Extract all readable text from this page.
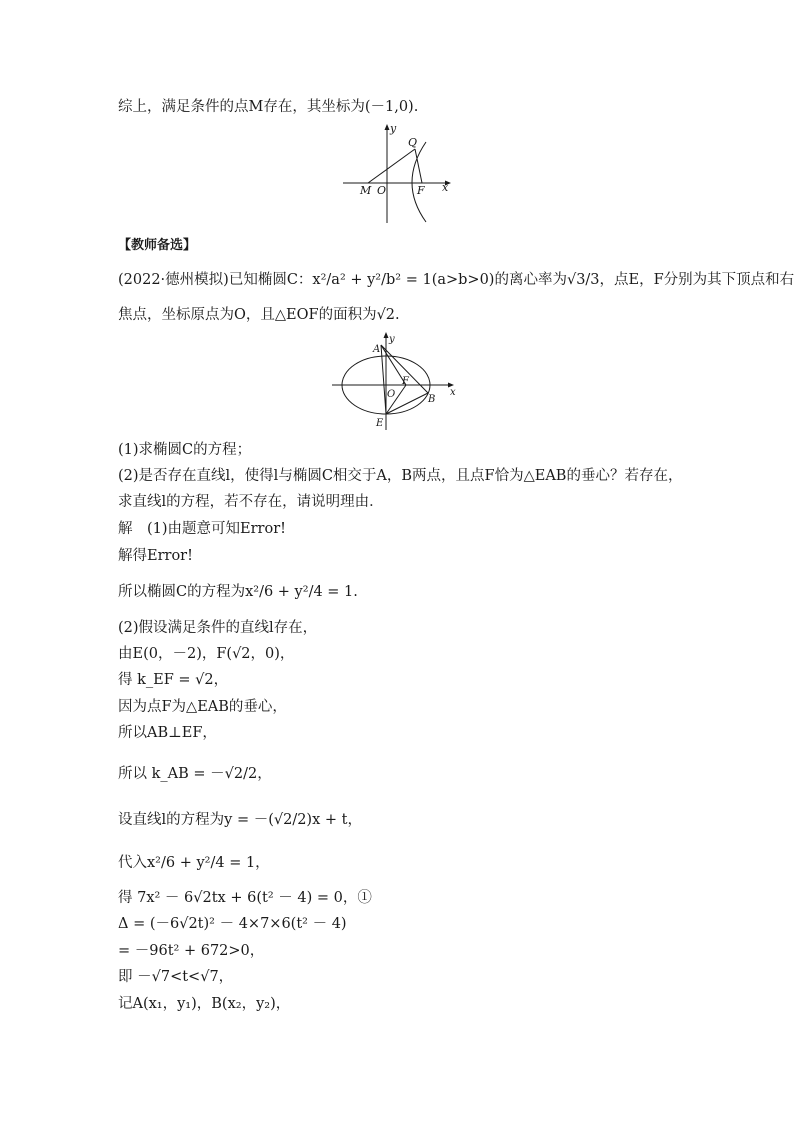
综上，满足条件的点M存在，其坐标为(－1,0).
y
Q
M O	F x
【教师备选】
(2022·德州模拟)已知椭圆C：x²/a² + y²/b² = 1(a>b>0)的离心率为√3/3，点E，F分别为其下顶点和右
焦点，坐标原点为O，且△EOF的面积为√2.
y
A
F
O	B
E
x
(1)求椭圆C的方程；
(2)是否存在直线l，使得l与椭圆C相交于A，B两点，且点F恰为△EAB的垂心？若存在，
求直线l的方程，若不存在，请说明理由．
解　(1)由题意可知Error!
解得Error!
所以椭圆C的方程为x²/6 + y²/4 = 1.
(2)假设满足条件的直线l存在，
由E(0，－2)，F(√2，0)，
得 k_EF = √2，
因为点F为△EAB的垂心，
所以AB⊥EF，
所以 k_AB = －√2/2，
设直线l的方程为y = －(√2/2)x + t，
代入x²/6 + y²/4 = 1，
得 7x² － 6√2tx + 6(t² － 4) = 0，①
Δ = (－6√2t)² － 4×7×6(t² － 4)
= －96t² + 672>0，
即 －√7<t<√7，
记A(x₁，y₁)，B(x₂，y₂)，
